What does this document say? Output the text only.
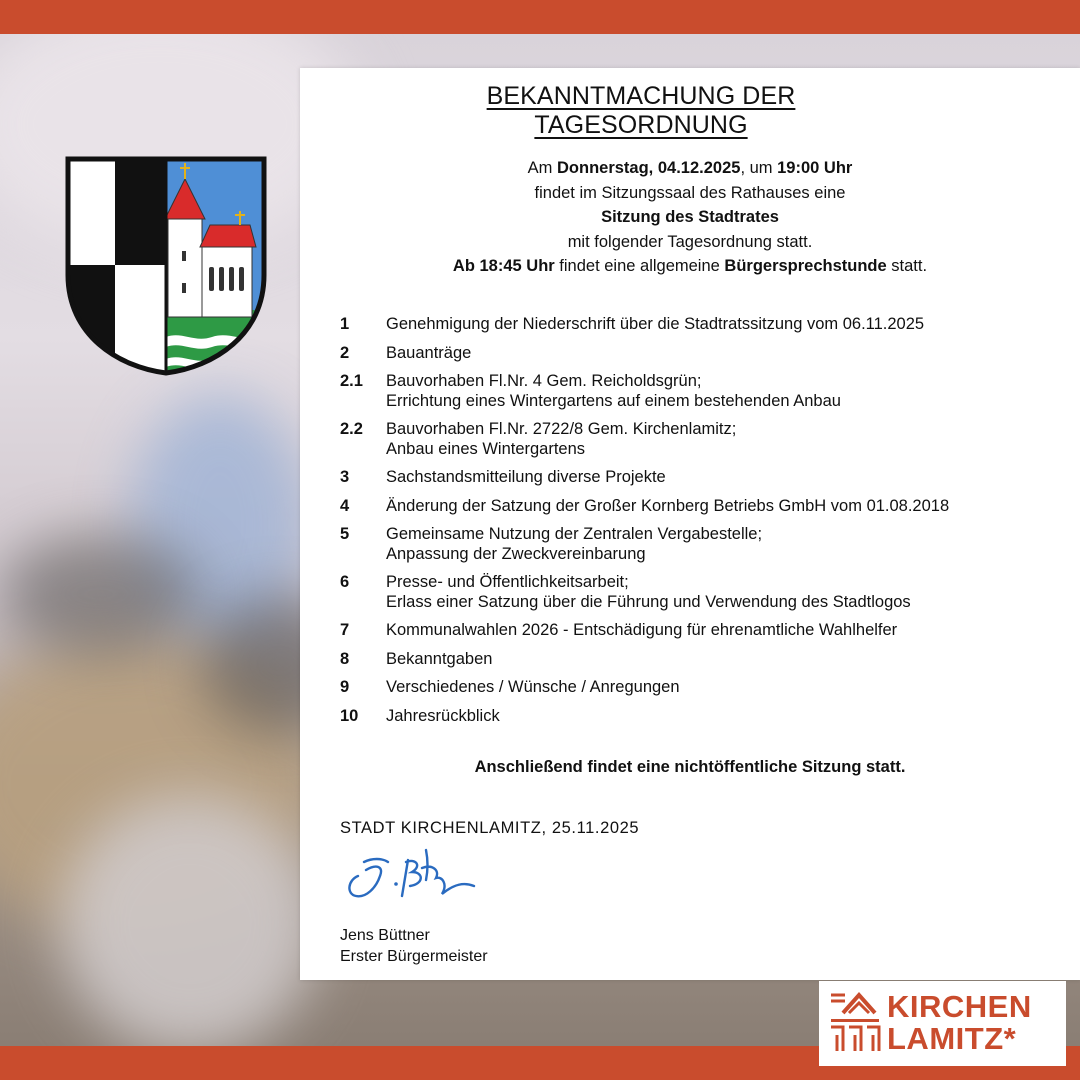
BEKANNTMACHUNG DER TAGESORDNUNG
Am Donnerstag, 04.12.2025, um 19:00 Uhr
findet im Sitzungssaal des Rathauses eine
Sitzung des Stadtrates
mit folgender Tagesordnung statt.
Ab 18:45 Uhr findet eine allgemeine Bürgersprechstunde statt.
1	Genehmigung der Niederschrift über die Stadtratssitzung vom 06.11.2025
2	Bauanträge
2.1	Bauvorhaben Fl.Nr. 4 Gem. Reicholdsgrün;
Errichtung eines Wintergartens auf einem bestehenden Anbau
2.2	Bauvorhaben Fl.Nr. 2722/8 Gem. Kirchenlamitz;
Anbau eines Wintergartens
3	Sachstandsmitteilung diverse Projekte
4	Änderung der Satzung der Großer Kornberg Betriebs GmbH vom 01.08.2018
5	Gemeinsame Nutzung der Zentralen Vergabestelle;
Anpassung der Zweckvereinbarung
6	Presse- und Öffentlichkeitsarbeit;
Erlass einer Satzung über die Führung und Verwendung des Stadtlogos
7	Kommunalwahlen 2026 - Entschädigung für ehrenamtliche Wahlhelfer
8	Bekanntgaben
9	Verschiedenes / Wünsche / Anregungen
10	Jahresrückblick
Anschließend findet eine nichtöffentliche Sitzung statt.
STADT KIRCHENLAMITZ, 25.11.2025
Jens Büttner
Erster Bürgermeister
KIRCHEN
LAMITZ*
